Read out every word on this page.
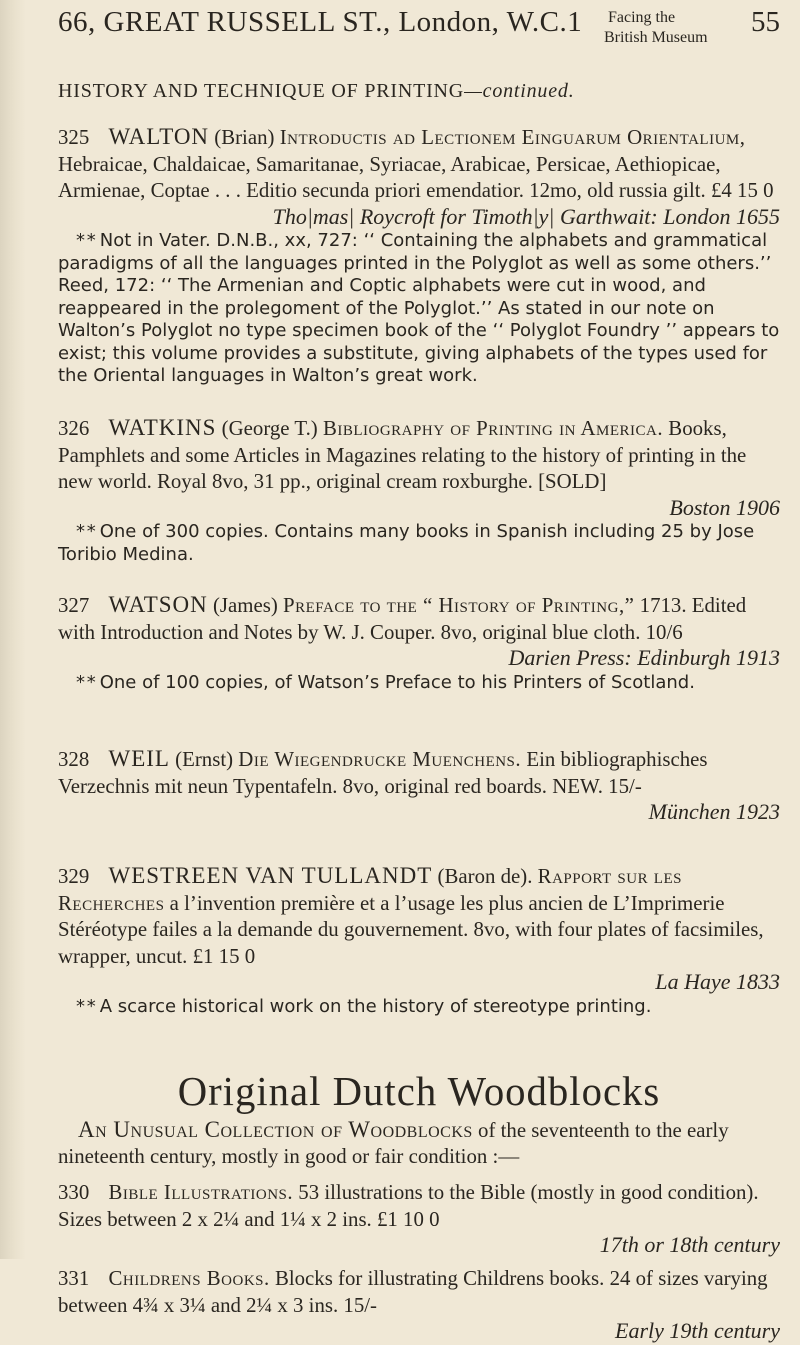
66, GREAT RUSSELL ST., London, W.C.1 Facing the
British Museum 55
HISTORY AND TECHNIQUE OF PRINTING—continued.

325 WALTON (Brian) Introductis ad Lectionem Einguarum Orientalium, Hebraicae, Chaldaicae, Samaritanae, Syriacae, Arabicae, Persicae, Aethiopicae, Armienae, Coptae . . . Editio secunda priori emendatior. 12mo, old russia gilt. £4 15 0

Tho|mas| Roycroft for Timoth|y| Garthwait: London 1655

* * Not in Vater. D.N.B., xx, 727: ‘‘ Containing the alphabets and grammatical paradigms of all the languages printed in the Polyglot as well as some others.’’ Reed, 172: ‘‘ The Armenian and Coptic alphabets were cut in wood, and reappeared in the prolegoment of the Polyglot.’’ As stated in our note on Walton’s Polyglot no type specimen book of the ‘‘ Polyglot Foundry ’’ appears to exist; this volume provides a substitute, giving alphabets of the types used for the Oriental languages in Walton’s great work.

326 WATKINS (George T.) Bibliography of Printing in America. Books, Pamphlets and some Articles in Magazines relating to the history of printing in the new world. Royal 8vo, 31 pp., original cream roxburghe. [SOLD]

Boston 1906

* * One of 300 copies. Contains many books in Spanish including 25 by Jose Toribio Medina.

327 WATSON (James) Preface to the “ History of Printing,” 1713. Edited with Introduction and Notes by W. J. Couper. 8vo, original blue cloth. 10/6

Darien Press: Edinburgh 1913

* * One of 100 copies, of Watson’s Preface to his Printers of Scotland.

328 WEIL (Ernst) Die Wiegendrucke Muenchens. Ein bibliographisches Verzechnis mit neun Typentafeln. 8vo, original red boards. NEW. 15/-

München 1923

329 WESTREEN VAN TULLANDT (Baron de). Rapport sur les Recherches a l’invention première et a l’usage les plus ancien de L’Imprimerie Stéréotype failes a la demande du gouvernement. 8vo, with four plates of facsimiles, wrapper, uncut. £1 15 0

La Haye 1833

* * A scarce historical work on the history of stereotype printing.

Original Dutch Woodblocks

An Unusual Collection of Woodblocks of the seventeenth to the early nineteenth century, mostly in good or fair condition :—

330 Bible Illustrations. 53 illustrations to the Bible (mostly in good condition). Sizes between 2 x 2¼ and 1¼ x 2 ins. £1 10 0

17th or 18th century

331 Childrens Books. Blocks for illustrating Childrens books. 24 of sizes varying between 4¾ x 3¼ and 2¼ x 3 ins. 15/-

Early 19th century
